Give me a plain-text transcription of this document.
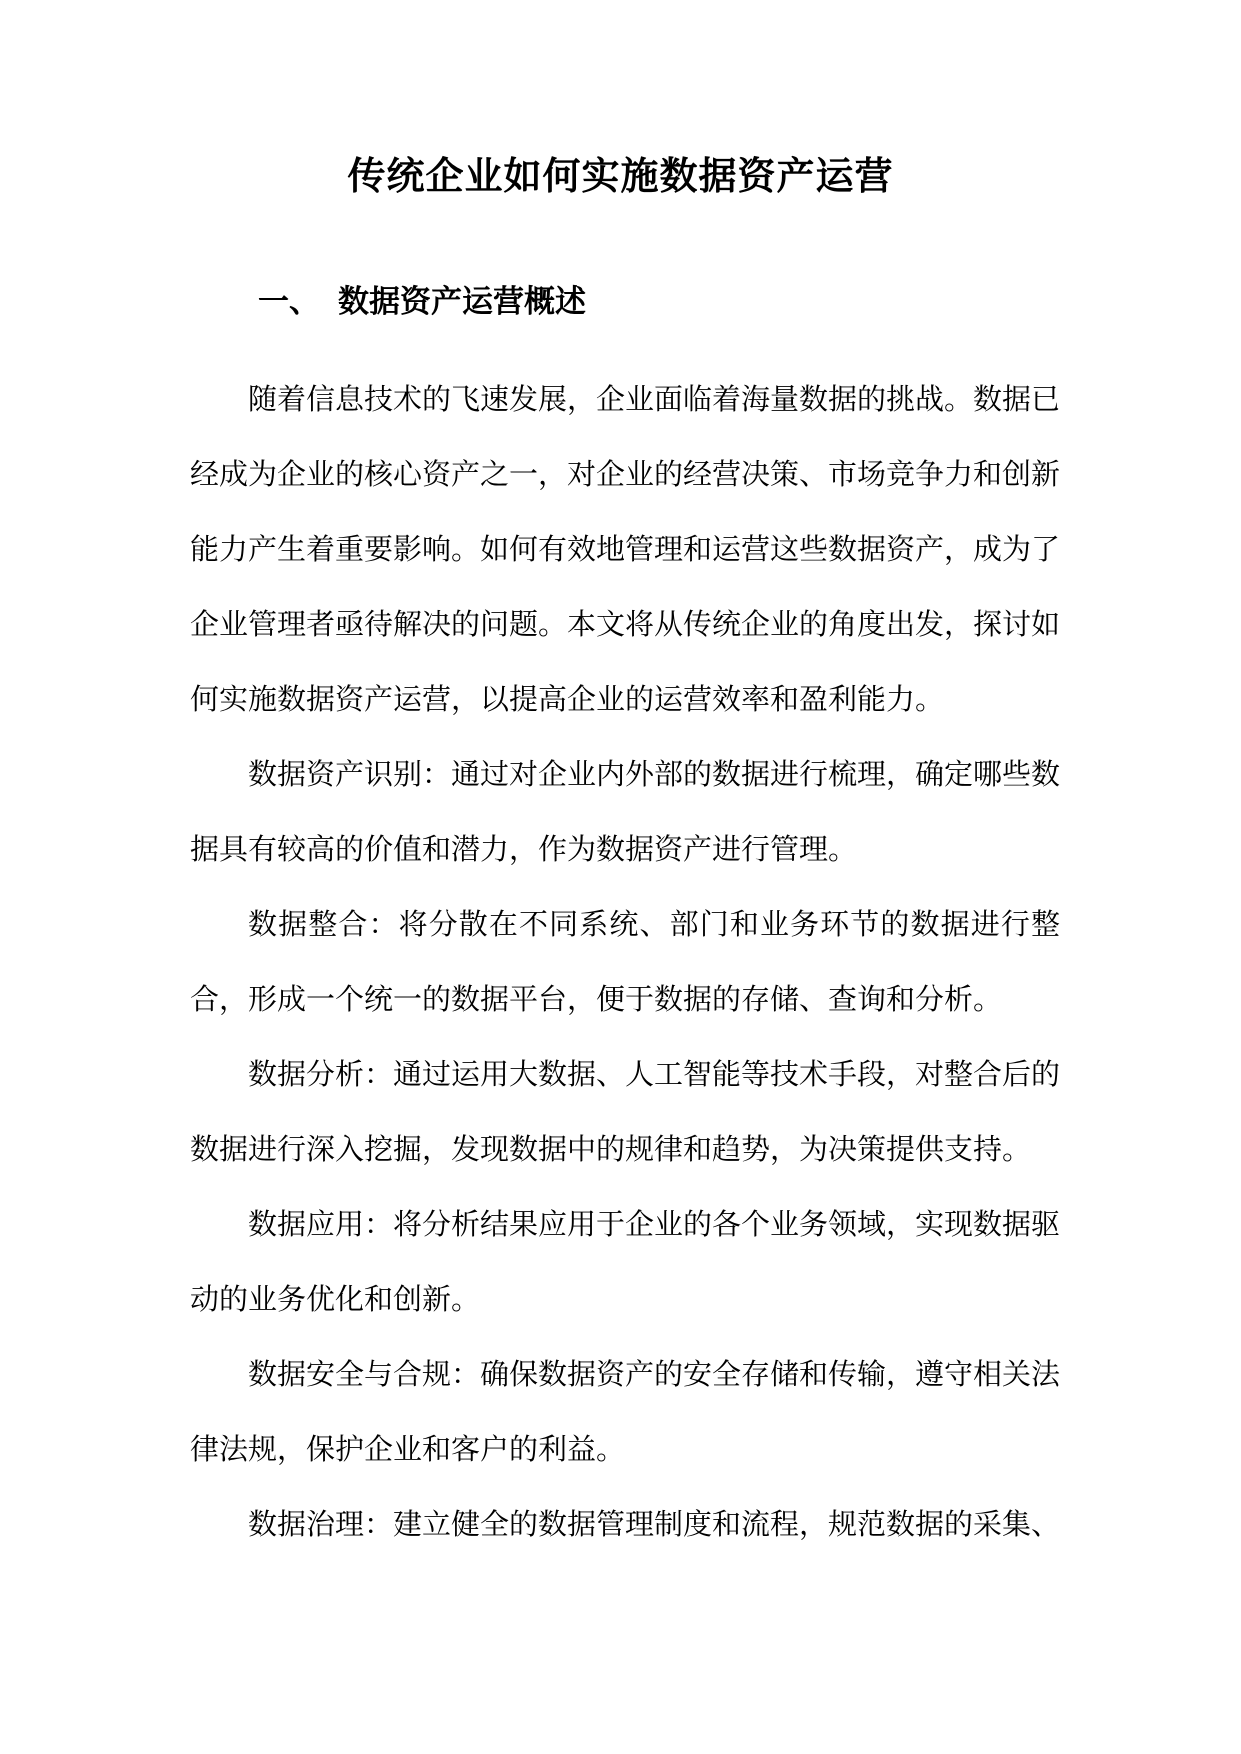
传统企业如何实施数据资产运营
一、 数据资产运营概述

随着信息技术的飞速发展，企业面临着海量数据的挑战。数据已经成为企业的核心资产之一，对企业的经营决策、市场竞争力和创新能力产生着重要影响。如何有效地管理和运营这些数据资产，成为了企业管理者亟待解决的问题。本文将从传统企业的角度出发，探讨如何实施数据资产运营，以提高企业的运营效率和盈利能力。

数据资产识别：通过对企业内外部的数据进行梳理，确定哪些数据具有较高的价值和潜力，作为数据资产进行管理。

数据整合：将分散在不同系统、部门和业务环节的数据进行整合，形成一个统一的数据平台，便于数据的存储、查询和分析。

数据分析：通过运用大数据、人工智能等技术手段，对整合后的数据进行深入挖掘，发现数据中的规律和趋势，为决策提供支持。

数据应用：将分析结果应用于企业的各个业务领域，实现数据驱动的业务优化和创新。

数据安全与合规：确保数据资产的安全存储和传输，遵守相关法律法规，保护企业和客户的利益。

数据治理：建立健全的数据管理制度和流程，规范数据的采集、
